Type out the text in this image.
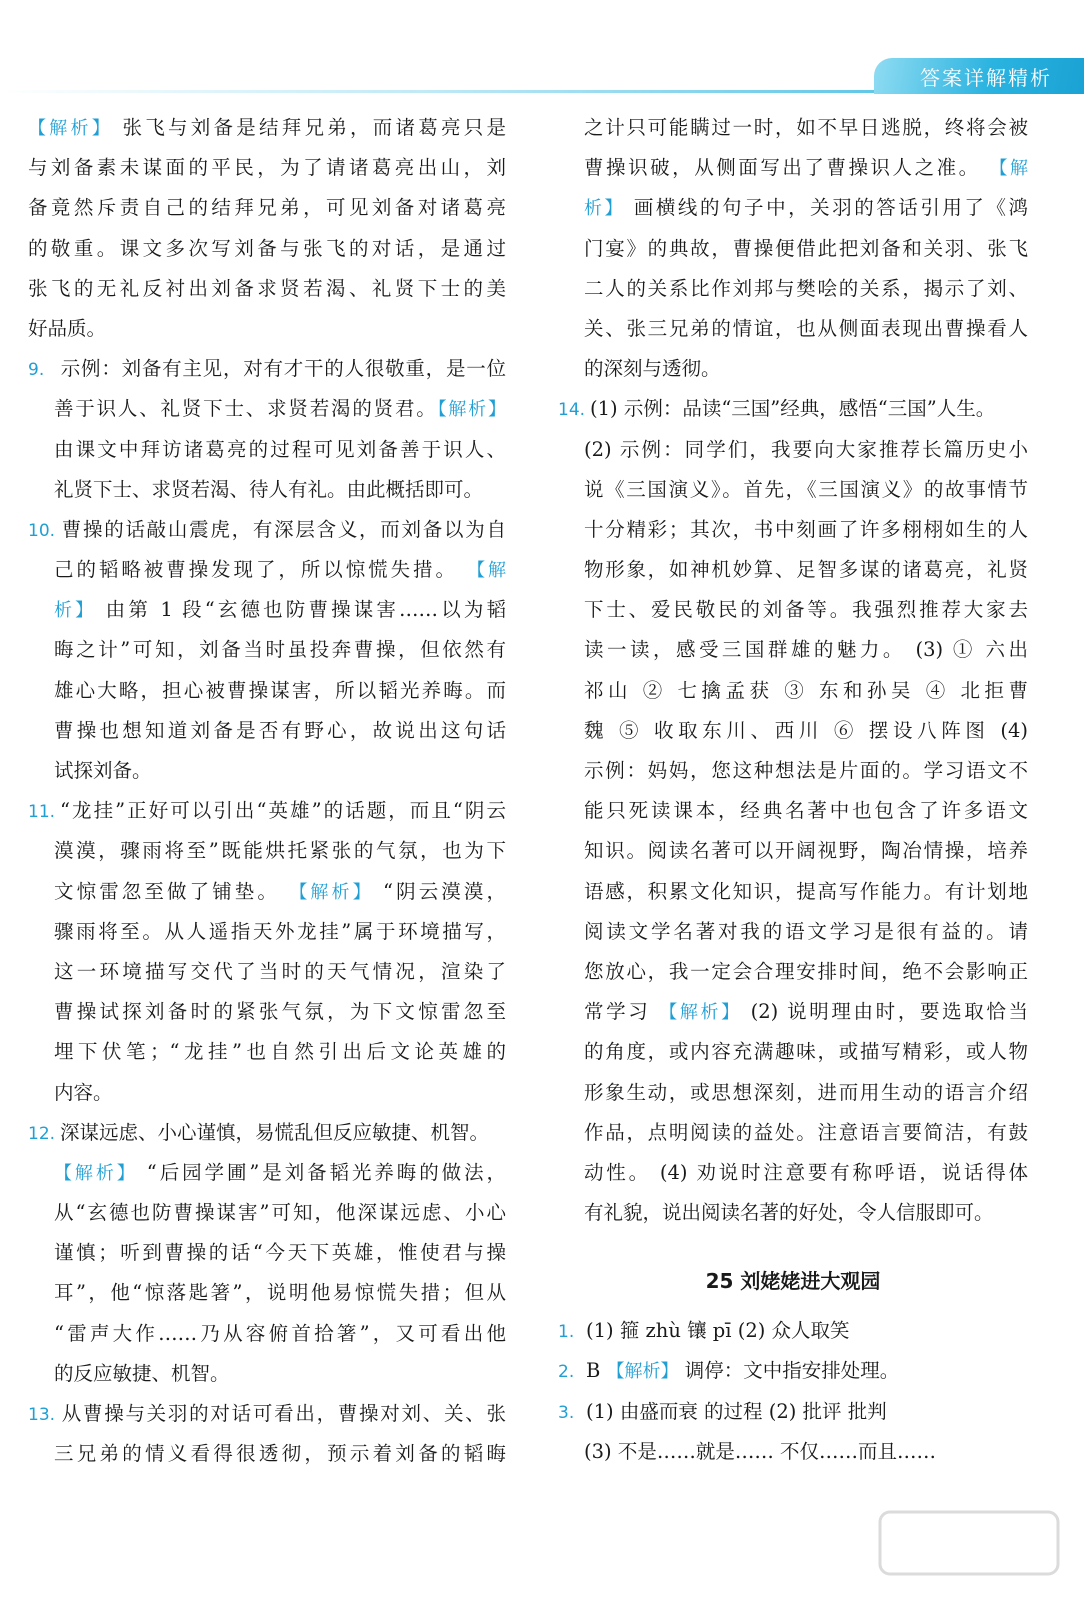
答案详解精析

【解析】 张飞与刘备是结拜兄弟，而诸葛亮只是

与刘备素未谋面的平民，为了请诸葛亮出山，刘

备竟然斥责自己的结拜兄弟，可见刘备对诸葛亮

的敬重。课文多次写刘备与张飞的对话，是通过

张飞的无礼反衬出刘备求贤若渴、礼贤下士的美

好品质。

9. 示例：刘备有主见，对有才干的人很敬重，是一位

善于识人、礼贤下士、求贤若渴的贤君。【解析】

由课文中拜访诸葛亮的过程可见刘备善于识人、

礼贤下士、求贤若渴、待人有礼。由此概括即可。

10. 曹操的话敲山震虎，有深层含义，而刘备以为自

己的韬略被曹操发现了，所以惊慌失措。 【解

析】 由第 1 段“玄德也防曹操谋害……以为韬

晦之计”可知，刘备当时虽投奔曹操，但依然有

雄心大略，担心被曹操谋害，所以韬光养晦。而

曹操也想知道刘备是否有野心，故说出这句话

试探刘备。

11. “龙挂”正好可以引出“英雄”的话题，而且“阴云

漠漠，骤雨将至”既能烘托紧张的气氛，也为下

文惊雷忽至做了铺垫。 【解析】 “阴云漠漠，

骤雨将至。从人遥指天外龙挂”属于环境描写，

这一环境描写交代了当时的天气情况，渲染了

曹操试探刘备时的紧张气氛，为下文惊雷忽至

埋下伏笔；“龙挂”也自然引出后文论英雄的

内容。

12. 深谋远虑、小心谨慎，易慌乱但反应敏捷、机智。

【解析】 “后园学圃”是刘备韬光养晦的做法，

从“玄德也防曹操谋害”可知，他深谋远虑、小心

谨慎；听到曹操的话“今天下英雄，惟使君与操

耳”，他“惊落匙箸”，说明他易惊慌失措；但从

“雷声大作……乃从容俯首拾箸”，又可看出他

的反应敏捷、机智。

13. 从曹操与关羽的对话可看出，曹操对刘、关、张

三兄弟的情义看得很透彻，预示着刘备的韬晦

之计只可能瞒过一时，如不早日逃脱，终将会被

曹操识破，从侧面写出了曹操识人之准。 【解

析】 画横线的句子中，关羽的答话引用了《鸿

门宴》的典故，曹操便借此把刘备和关羽、张飞

二人的关系比作刘邦与樊哙的关系，揭示了刘、

关、张三兄弟的情谊，也从侧面表现出曹操看人

的深刻与透彻。

14. (1) 示例：品读“三国”经典，感悟“三国”人生。

(2) 示例：同学们，我要向大家推荐长篇历史小

说《三国演义》。首先，《三国演义》的故事情节

十分精彩；其次，书中刻画了许多栩栩如生的人

物形象，如神机妙算、足智多谋的诸葛亮，礼贤

下士、爱民敬民的刘备等。我强烈推荐大家去

读一读，感受三国群雄的魅力。 (3) ① 六出

祁山 ② 七擒孟获 ③ 东和孙吴 ④ 北拒曹

魏 ⑤ 收取东川、西川 ⑥ 摆设八阵图 (4)

示例：妈妈，您这种想法是片面的。学习语文不

能只死读课本，经典名著中也包含了许多语文

知识。阅读名著可以开阔视野，陶冶情操，培养

语感，积累文化知识，提高写作能力。有计划地

阅读文学名著对我的语文学习是很有益的。请

您放心，我一定会合理安排时间，绝不会影响正

常学习 【解析】 (2) 说明理由时，要选取恰当

的角度，或内容充满趣味，或描写精彩，或人物

形象生动，或思想深刻，进而用生动的语言介绍

作品，点明阅读的益处。注意语言要简洁，有鼓

动性。 (4) 劝说时注意要有称呼语，说话得体

有礼貌，说出阅读名著的好处，令人信服即可。

25 刘姥姥进大观园

1. (1) 箍 zhù 镶 pī (2) 众人取笑

2. B 【解析】 调停：文中指安排处理。

3. (1) 由盛而衰 的过程 (2) 批评 批判

(3) 不是……就是…… 不仅……而且……
